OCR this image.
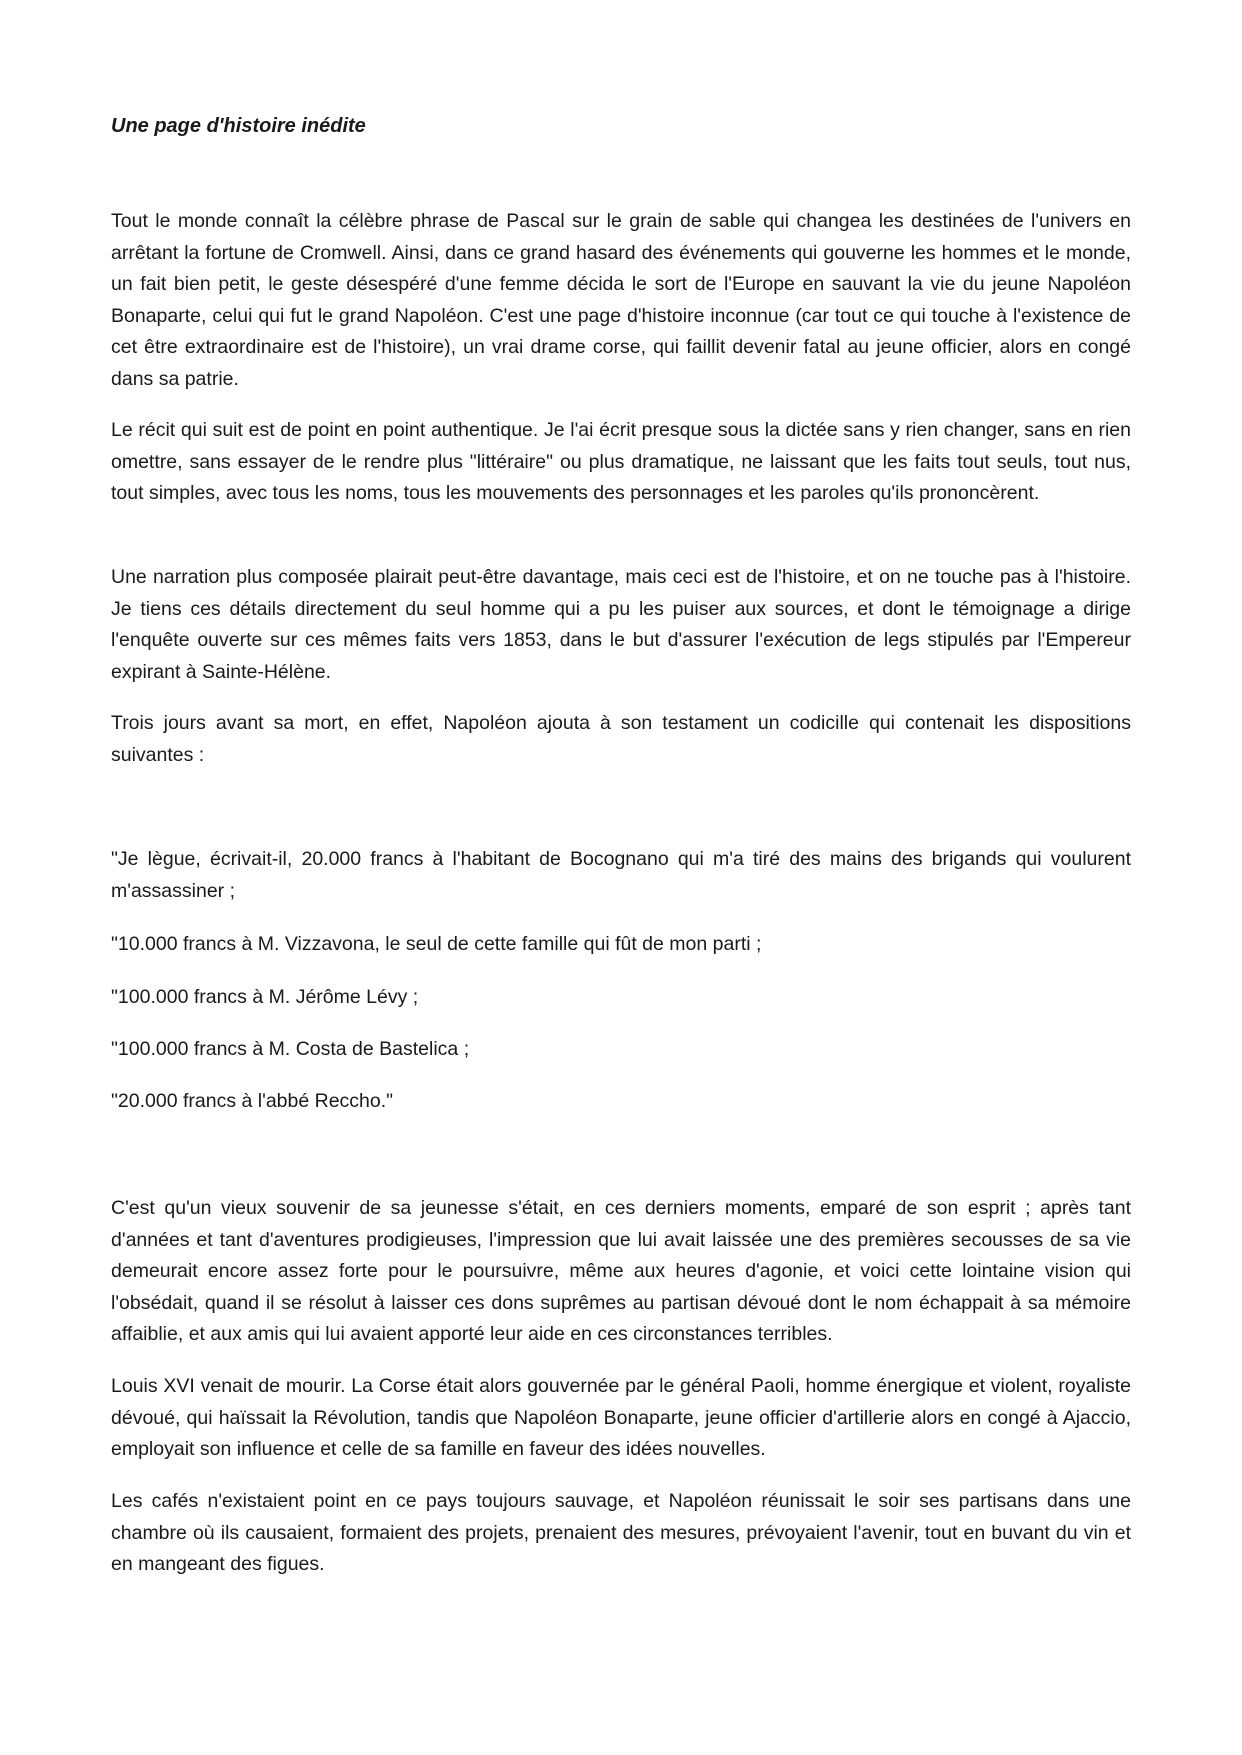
Une page d'histoire inédite

Tout le monde connaît la célèbre phrase de Pascal sur le grain de sable qui changea les destinées de l'univers en arrêtant la fortune de Cromwell. Ainsi, dans ce grand hasard des événements qui gouverne les hommes et le monde, un fait bien petit, le geste désespéré d'une femme décida le sort de l'Europe en sauvant la vie du jeune Napoléon Bonaparte, celui qui fut le grand Napoléon. C'est une page d'histoire inconnue (car tout ce qui touche à l'existence de cet être extraordinaire est de l'histoire), un vrai drame corse, qui faillit devenir fatal au jeune officier, alors en congé dans sa patrie.

Le récit qui suit est de point en point authentique. Je l'ai écrit presque sous la dictée sans y rien changer, sans en rien omettre, sans essayer de le rendre plus "littéraire" ou plus dramatique, ne laissant que les faits tout seuls, tout nus, tout simples, avec tous les noms, tous les mouvements des personnages et les paroles qu'ils prononcèrent.

Une narration plus composée plairait peut-être davantage, mais ceci est de l'histoire, et on ne touche pas à l'histoire. Je tiens ces détails directement du seul homme qui a pu les puiser aux sources, et dont le témoignage a dirige l'enquête ouverte sur ces mêmes faits vers 1853, dans le but d'assurer l'exécution de legs stipulés par l'Empereur expirant à Sainte-Hélène.

Trois jours avant sa mort, en effet, Napoléon ajouta à son testament un codicille qui contenait les dispositions suivantes :

"Je lègue, écrivait-il, 20.000 francs à l'habitant de Bocognano qui m'a tiré des mains des brigands qui voulurent m'assassiner ;

"10.000 francs à M. Vizzavona, le seul de cette famille qui fût de mon parti ;

"100.000 francs à M. Jérôme Lévy ;

"100.000 francs à M. Costa de Bastelica ;

"20.000 francs à l'abbé Reccho."

C'est qu'un vieux souvenir de sa jeunesse s'était, en ces derniers moments, emparé de son esprit ; après tant d'années et tant d'aventures prodigieuses, l'impression que lui avait laissée une des premières secousses de sa vie demeurait encore assez forte pour le poursuivre, même aux heures d'agonie, et voici cette lointaine vision qui l'obsédait, quand il se résolut à laisser ces dons suprêmes au partisan dévoué dont le nom échappait à sa mémoire affaiblie, et aux amis qui lui avaient apporté leur aide en ces circonstances terribles.

Louis XVI venait de mourir. La Corse était alors gouvernée par le général Paoli, homme énergique et violent, royaliste dévoué, qui haïssait la Révolution, tandis que Napoléon Bonaparte, jeune officier d'artillerie alors en congé à Ajaccio, employait son influence et celle de sa famille en faveur des idées nouvelles.

Les cafés n'existaient point en ce pays toujours sauvage, et Napoléon réunissait le soir ses partisans dans une chambre où ils causaient, formaient des projets, prenaient des mesures, prévoyaient l'avenir, tout en buvant du vin et en mangeant des figues.
